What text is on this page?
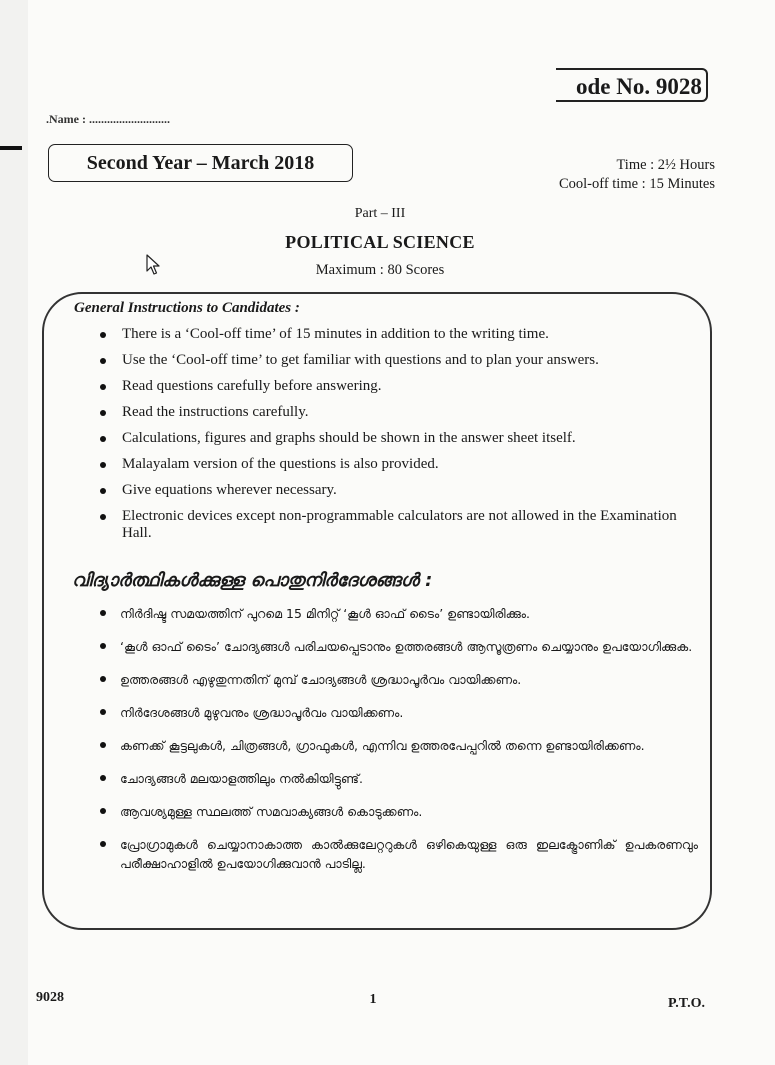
ode No. 9028
.Name : ...........................
Second Year – March 2018	Time : 2½ Hours
Cool-off time : 15 Minutes
Part – III
POLITICAL SCIENCE
Maximum : 80 Scores
General Instructions to Candidates :
There is a ‘Cool-off time’ of 15 minutes in addition to the writing time.
Use the ‘Cool-off time’ to get familiar with questions and to plan your answers.
Read questions carefully before answering.
Read the instructions carefully.
Calculations, figures and graphs should be shown in the answer sheet itself.
Malayalam version of the questions is also provided.
Give equations wherever necessary.
Electronic devices except non-programmable calculators are not allowed in the Examination Hall.
വിദ്യാർത്ഥികൾക്കുള്ള പൊതുനിർദേശങ്ങൾ :
നിർദിഷ്ട സമയത്തിന് പുറമെ 15 മിനിറ്റ് ‘കൂൾ ഓഫ് ടൈം’ ഉണ്ടായിരിക്കും.
‘കൂൾ ഓഫ് ടൈം’ ചോദ്യങ്ങൾ പരിചയപ്പെടാനും ഉത്തരങ്ങൾ ആസൂത്രണം ചെയ്യാനും ഉപയോഗിക്കുക.
ഉത്തരങ്ങൾ എഴുതുന്നതിന് മുമ്പ് ചോദ്യങ്ങൾ ശ്രദ്ധാപൂർവം വായിക്കണം.
നിർദേശങ്ങൾ മുഴുവനും ശ്രദ്ധാപൂർവം വായിക്കണം.
കണക്ക് കൂട്ടലുകൾ, ചിത്രങ്ങൾ, ഗ്രാഫുകൾ, എന്നിവ ഉത്തരപേപ്പറിൽ തന്നെ ഉണ്ടായിരിക്കണം.
ചോദ്യങ്ങൾ മലയാളത്തിലും നൽകിയിട്ടുണ്ട്.
ആവശ്യമുള്ള സ്ഥലത്ത് സമവാക്യങ്ങൾ കൊടുക്കണം.
പ്രോഗ്രാമുകൾ ചെയ്യാനാകാത്ത കാൽക്കുലേറ്ററുകൾ ഒഴികെയുള്ള ഒരു ഇലക്ട്രോണിക് ഉപകരണവും പരീക്ഷാഹാളിൽ ഉപയോഗിക്കുവാൻ പാടില്ല.
9028	1	P.T.O.
